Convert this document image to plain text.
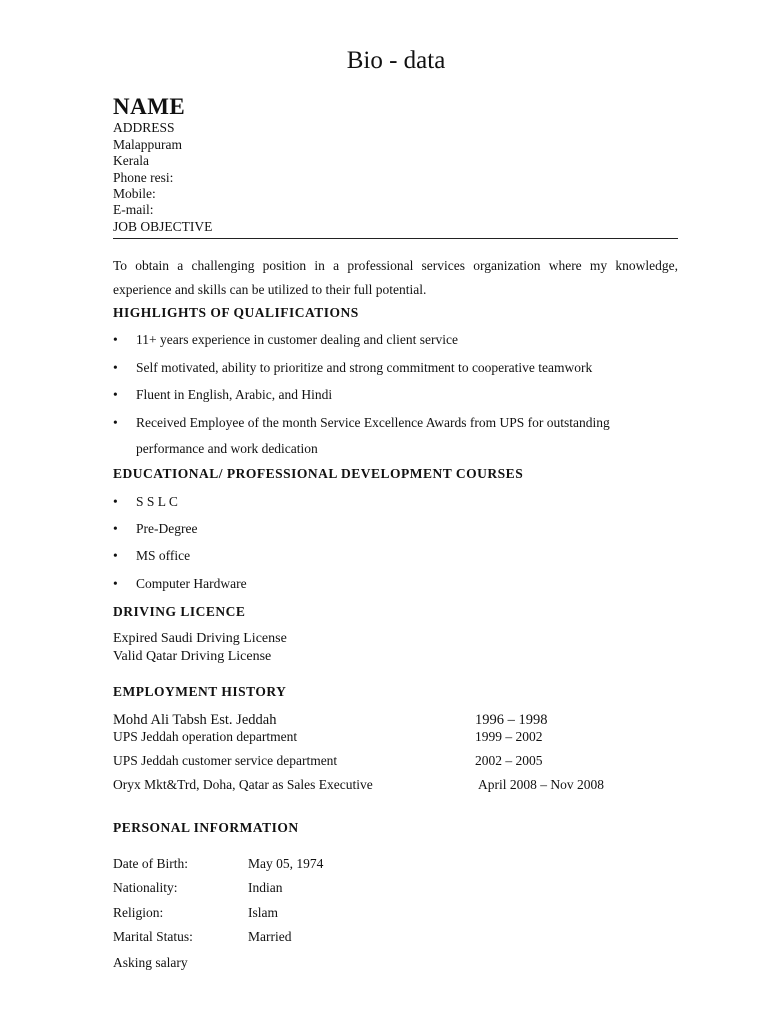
Bio - data
NAME
ADDRESS
Malappuram
Kerala
Phone resi:
Mobile:
E-mail:
JOB OBJECTIVE
To obtain a challenging position in a professional services organization where my knowledge, experience and skills can be utilized to their full potential.
HIGHLIGHTS OF QUALIFICATIONS
• 11+ years experience in customer dealing and client service
• Self motivated, ability to prioritize and strong commitment to cooperative teamwork
• Fluent in English, Arabic, and Hindi
• Received Employee of the month Service Excellence Awards from UPS for outstanding
performance and work dedication
EDUCATIONAL/ PROFESSIONAL DEVELOPMENT COURSES
• S S L C
• Pre-Degree
• MS office
• Computer Hardware
DRIVING LICENCE
Expired Saudi Driving License
Valid Qatar Driving License
EMPLOYMENT HISTORY
Mohd Ali Tabsh Est. Jeddah	1996 – 1998
UPS Jeddah operation department	1999 – 2002
UPS Jeddah customer service department	2002 – 2005
Oryx Mkt&Trd, Doha, Qatar as Sales Executive	April 2008 – Nov 2008
PERSONAL INFORMATION
Date of Birth:	May 05, 1974
Nationality:	Indian
Religion:	Islam
Marital Status:	Married
Asking salary
